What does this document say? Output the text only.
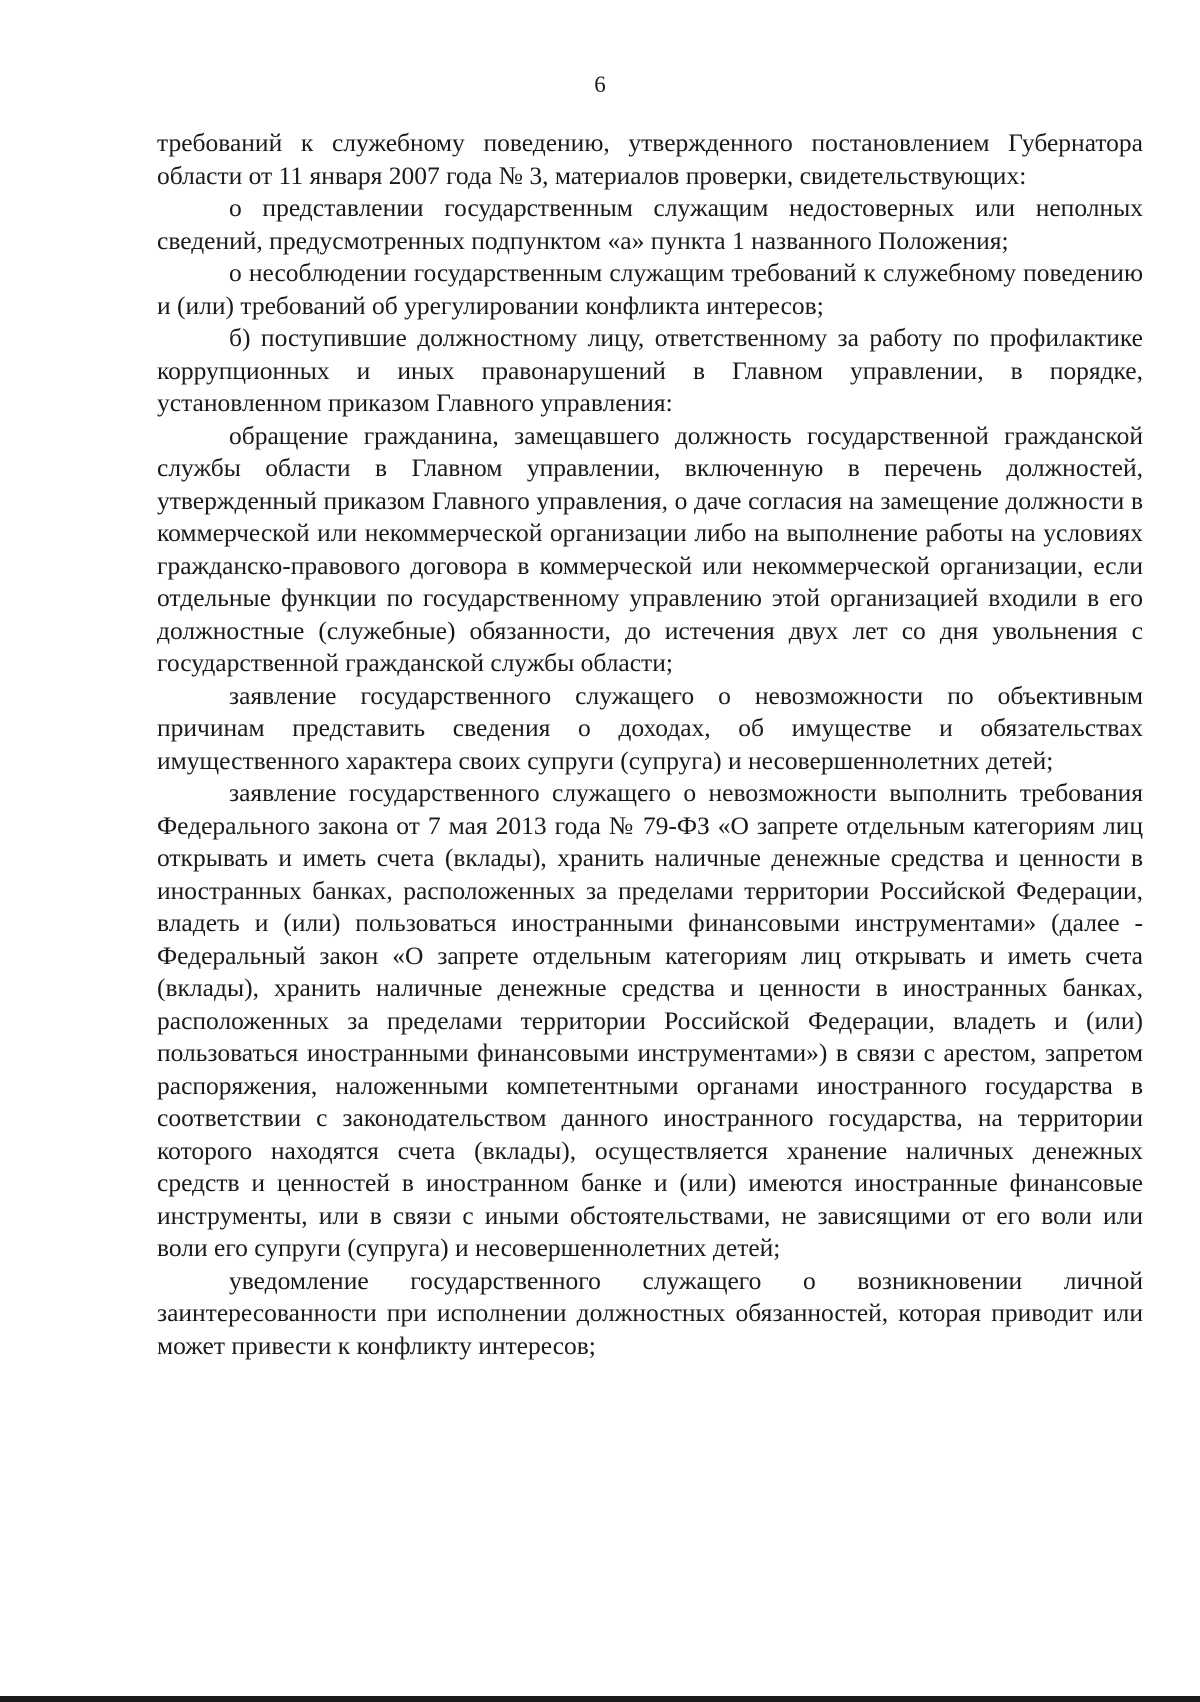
6

требований к служебному поведению, утвержденного постановлением Губернатора области от 11 января 2007 года № 3, материалов проверки, свидетельствующих:

о представлении государственным служащим недостоверных или неполных сведений, предусмотренных подпунктом «а» пункта 1 названного Положения;

о несоблюдении государственным служащим требований к служебному поведению и (или) требований об урегулировании конфликта интересов;

б) поступившие должностному лицу, ответственному за работу по профилактике коррупционных и иных правонарушений в Главном управлении, в порядке, установленном приказом Главного управления:

обращение гражданина, замещавшего должность государственной гражданской службы области в Главном управлении, включенную в перечень должностей, утвержденный приказом Главного управления, о даче согласия на замещение должности в коммерческой или некоммерческой организации либо на выполнение работы на условиях гражданско-правового договора в коммерческой или некоммерческой организации, если отдельные функции по государственному управлению этой организацией входили в его должностные (служебные) обязанности, до истечения двух лет со дня увольнения с государственной гражданской службы области;

заявление государственного служащего о невозможности по объективным причинам представить сведения о доходах, об имуществе и обязательствах имущественного характера своих супруги (супруга) и несовершеннолетних детей;

заявление государственного служащего о невозможности выполнить требования Федерального закона от 7 мая 2013 года № 79-ФЗ «О запрете отдельным категориям лиц открывать и иметь счета (вклады), хранить наличные денежные средства и ценности в иностранных банках, расположенных за пределами территории Российской Федерации, владеть и (или) пользоваться иностранными финансовыми инструментами» (далее - Федеральный закон «О запрете отдельным категориям лиц открывать и иметь счета (вклады), хранить наличные денежные средства и ценности в иностранных банках, расположенных за пределами территории Российской Федерации, владеть и (или) пользоваться иностранными финансовыми инструментами») в связи с арестом, запретом распоряжения, наложенными компетентными органами иностранного государства в соответствии с законодательством данного иностранного государства, на территории которого находятся счета (вклады), осуществляется хранение наличных денежных средств и ценностей в иностранном банке и (или) имеются иностранные финансовые инструменты, или в связи с иными обстоятельствами, не зависящими от его воли или воли его супруги (супруга) и несовершеннолетних детей;

уведомление государственного служащего о возникновении личной заинтересованности при исполнении должностных обязанностей, которая приводит или может привести к конфликту интересов;
